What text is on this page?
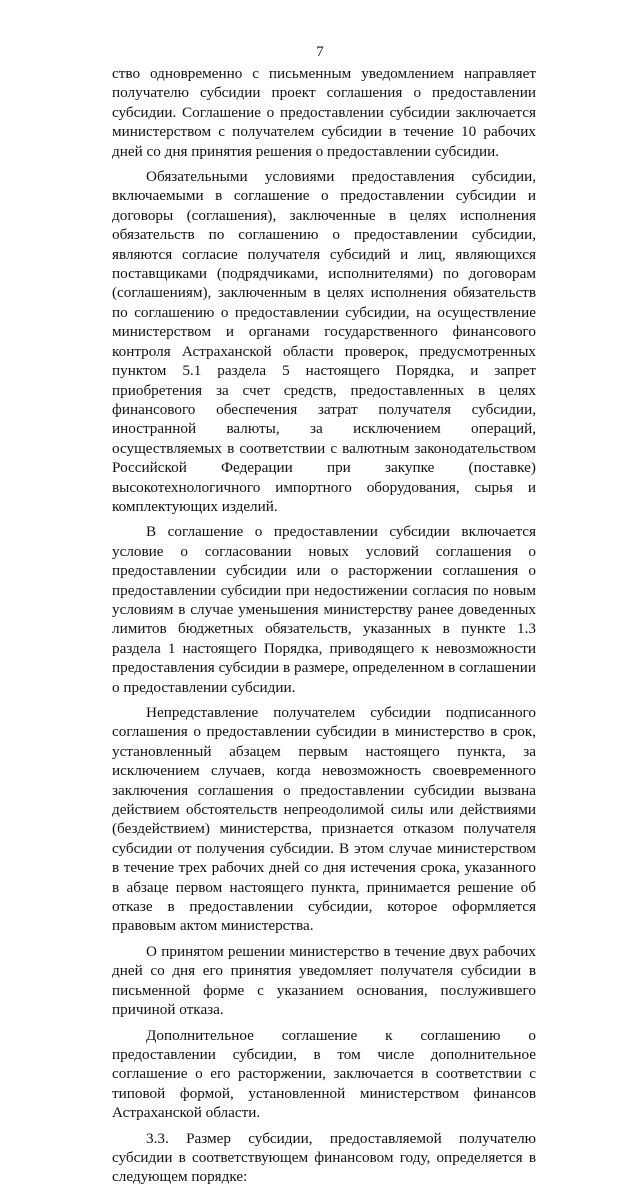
7

ство одновременно с письменным уведомлением направляет получателю субсидии проект соглашения о предоставлении субсидии. Соглашение о предоставлении субсидии заключается министерством с получателем субсидии в течение 10 рабочих дней со дня принятия решения о предоставлении субсидии.

Обязательными условиями предоставления субсидии, включаемыми в соглашение о предоставлении субсидии и договоры (соглашения), заключенные в целях исполнения обязательств по соглашению о предоставлении субсидии, являются согласие получателя субсидий и лиц, являющихся поставщиками (подрядчиками, исполнителями) по договорам (соглашениям), заключенным в целях исполнения обязательств по соглашению о предоставлении субсидии, на осуществление министерством и органами государственного финансового контроля Астраханской области проверок, предусмотренных пунктом 5.1 раздела 5 настоящего Порядка, и запрет приобретения за счет средств, предоставленных в целях финансового обеспечения затрат получателя субсидии, иностранной валюты, за исключением операций, осуществляемых в соответствии с валютным законодательством Российской Федерации при закупке (поставке) высокотехнологичного импортного оборудования, сырья и комплектующих изделий.

В соглашение о предоставлении субсидии включается условие о согласовании новых условий соглашения о предоставлении субсидии или о расторжении соглашения о предоставлении субсидии при недостижении согласия по новым условиям в случае уменьшения министерству ранее доведенных лимитов бюджетных обязательств, указанных в пункте 1.3 раздела 1 настоящего Порядка, приводящего к невозможности предоставления субсидии в размере, определенном в соглашении о предоставлении субсидии.

Непредставление получателем субсидии подписанного соглашения о предоставлении субсидии в министерство в срок, установленный абзацем первым настоящего пункта, за исключением случаев, когда невозможность своевременного заключения соглашения о предоставлении субсидии вызвана действием обстоятельств непреодолимой силы или действиями (бездействием) министерства, признается отказом получателя субсидии от получения субсидии. В этом случае министерством в течение трех рабочих дней со дня истечения срока, указанного в абзаце первом настоящего пункта, принимается решение об отказе в предоставлении субсидии, которое оформляется правовым актом министерства.

О принятом решении министерство в течение двух рабочих дней со дня его принятия уведомляет получателя субсидии в письменной форме с указанием основания, послужившего причиной отказа.

Дополнительное соглашение к соглашению о предоставлении субсидии, в том числе дополнительное соглашение о его расторжении, заключается в соответствии с типовой формой, установленной министерством финансов Астраханской области.

3.3. Размер субсидии, предоставляемой получателю субсидии в соответствующем финансовом году, определяется в следующем порядке:
